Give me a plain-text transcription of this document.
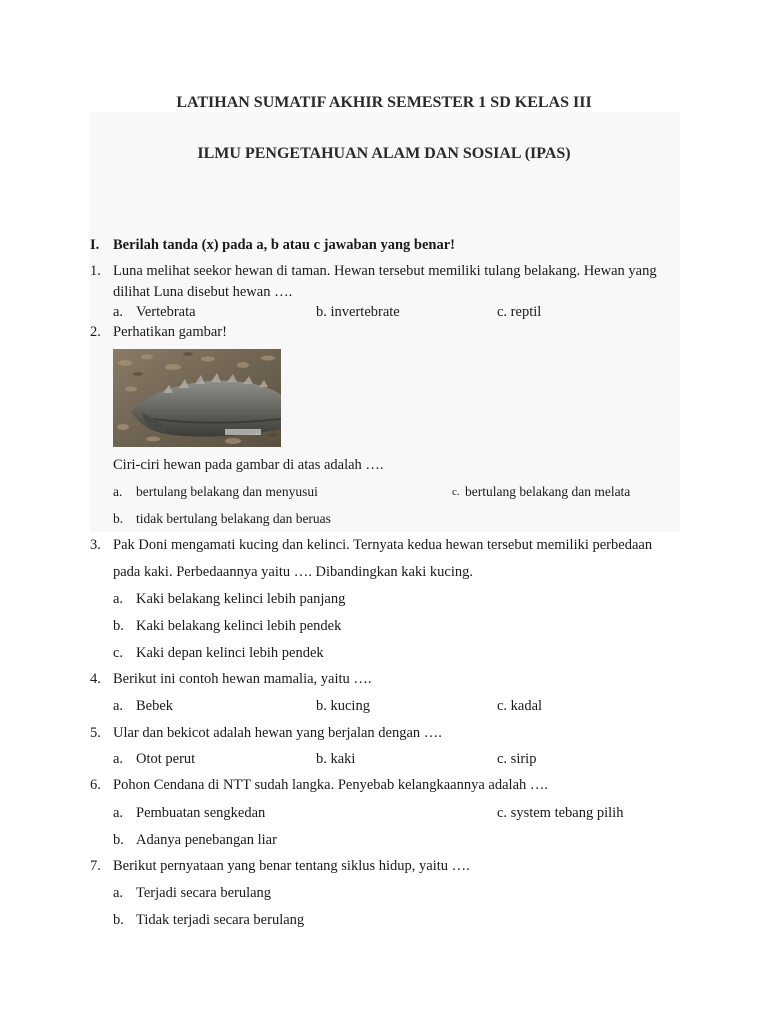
LATIHAN SUMATIF AKHIR SEMESTER 1 SD KELAS III
ILMU PENGETAHUAN ALAM DAN SOSIAL (IPAS)
I. Berilah tanda (x) pada a, b atau c jawaban yang benar!
1. Luna melihat seekor hewan di taman. Hewan tersebut memiliki tulang belakang. Hewan yang
dilihat Luna disebut hewan ….
a. Vertebrata	b. invertebrate	c. reptil
2. Perhatikan gambar!
Ciri-ciri hewan pada gambar di atas adalah ….
a. bertulang belakang dan menyusui	c. bertulang belakang dan melata
b. tidak bertulang belakang dan beruas
3. Pak Doni mengamati kucing dan kelinci. Ternyata kedua hewan tersebut memiliki perbedaan
pada kaki. Perbedaannya yaitu …. Dibandingkan kaki kucing.
a. Kaki belakang kelinci lebih panjang
b. Kaki belakang kelinci lebih pendek
c. Kaki depan kelinci lebih pendek
4. Berikut ini contoh hewan mamalia, yaitu ….
a. Bebek	b. kucing	c. kadal
5. Ular dan bekicot adalah hewan yang berjalan dengan ….
a. Otot perut	b. kaki	c. sirip
6. Pohon Cendana di NTT sudah langka. Penyebab kelangkaannya adalah ….
a. Pembuatan sengkedan	c. system tebang pilih
b. Adanya penebangan liar
7. Berikut pernyataan yang benar tentang siklus hidup, yaitu ….
a. Terjadi secara berulang
b. Tidak terjadi secara berulang
